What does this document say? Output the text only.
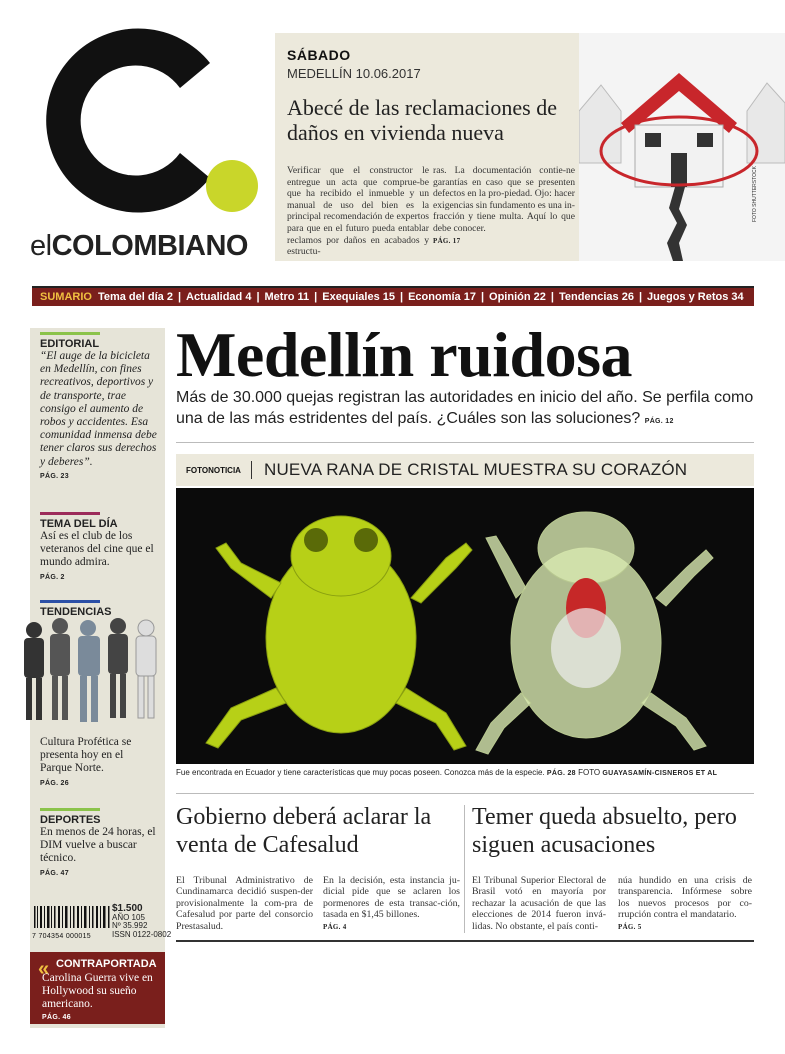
elCOLOMBIANO
SÁBADO
MEDELLÍN 10.06.2017
Abecé de las reclamaciones de daños en vivienda nueva
Verificar que el constructor le entregue un acta que comprue-be que ha recibido el inmueble y un manual de uso del bien es la principal recomendación de expertos para que en el futuro pueda entablar reclamos por daños en acabados y estructu-
ras. La documentación contie-ne garantías en caso que se presenten defectos en la pro-piedad. Ojo: hacer exigencias sin fundamento es una in-fracción y tiene multa. Aquí lo que debe conocer.
PÁG. 17
FOTO SHUTTERSTOCK
SUMARIO Tema del día 2 | Actualidad 4 | Metro 11 | Exequiales 15 | Economía 17 | Opinión 22 | Tendencias 26 | Juegos y Retos 34
EDITORIAL
“El auge de la bicicleta en Medellín, con fines recreativos, deportivos y de transporte, trae consigo el aumento de robos y accidentes. Esa comunidad inmensa debe tener claros sus derechos y deberes”.
PÁG. 23
TEMA DEL DÍA
Así es el club de los veteranos del cine que el mundo admira.
PÁG. 2
TENDENCIAS
Cultura Profética se presenta hoy en el Parque Norte.
PÁG. 26
DEPORTES
En menos de 24 horas, el DIM vuelve a buscar técnico.
PÁG. 47
7 704354 000015
$1.500
AÑO 105
Nº 35.992
ISSN 0122-0802
« CONTRAPORTADA
Carolina Guerra vive en Hollywood su sueño americano.
PÁG. 46
Medellín ruidosa
Más de 30.000 quejas registran las autoridades en inicio del año. Se perfila como una de las más estridentes del país. ¿Cuáles son las soluciones? PÁG. 12
FOTONOTICIA	NUEVA RANA DE CRISTAL MUESTRA SU CORAZÓN
Fue encontrada en Ecuador y tiene características que muy pocas poseen. Conozca más de la especie. PÁG. 28 FOTO GUAYASAMÍN-CISNEROS ET AL
Gobierno deberá aclarar la venta de Cafesalud
El Tribunal Administrativo de Cundinamarca decidió suspen-der provisionalmente la com-pra de Cafesalud por parte del consorcio Prestasalud.
En la decisión, esta instancia ju-dicial pide que se aclaren los pormenores de esta transac-ción, tasada en $1,45 billones.
PÁG. 4
Temer queda absuelto, pero siguen acusaciones
El Tribunal Superior Electoral de Brasil votó en mayoría por rechazar la acusación de que las elecciones de 2014 fueron invá-lidas. No obstante, el país conti-
núa hundido en una crisis de transparencia. Infórmese sobre los nuevos procesos por co-rrupción contra el mandatario.
PÁG. 5
